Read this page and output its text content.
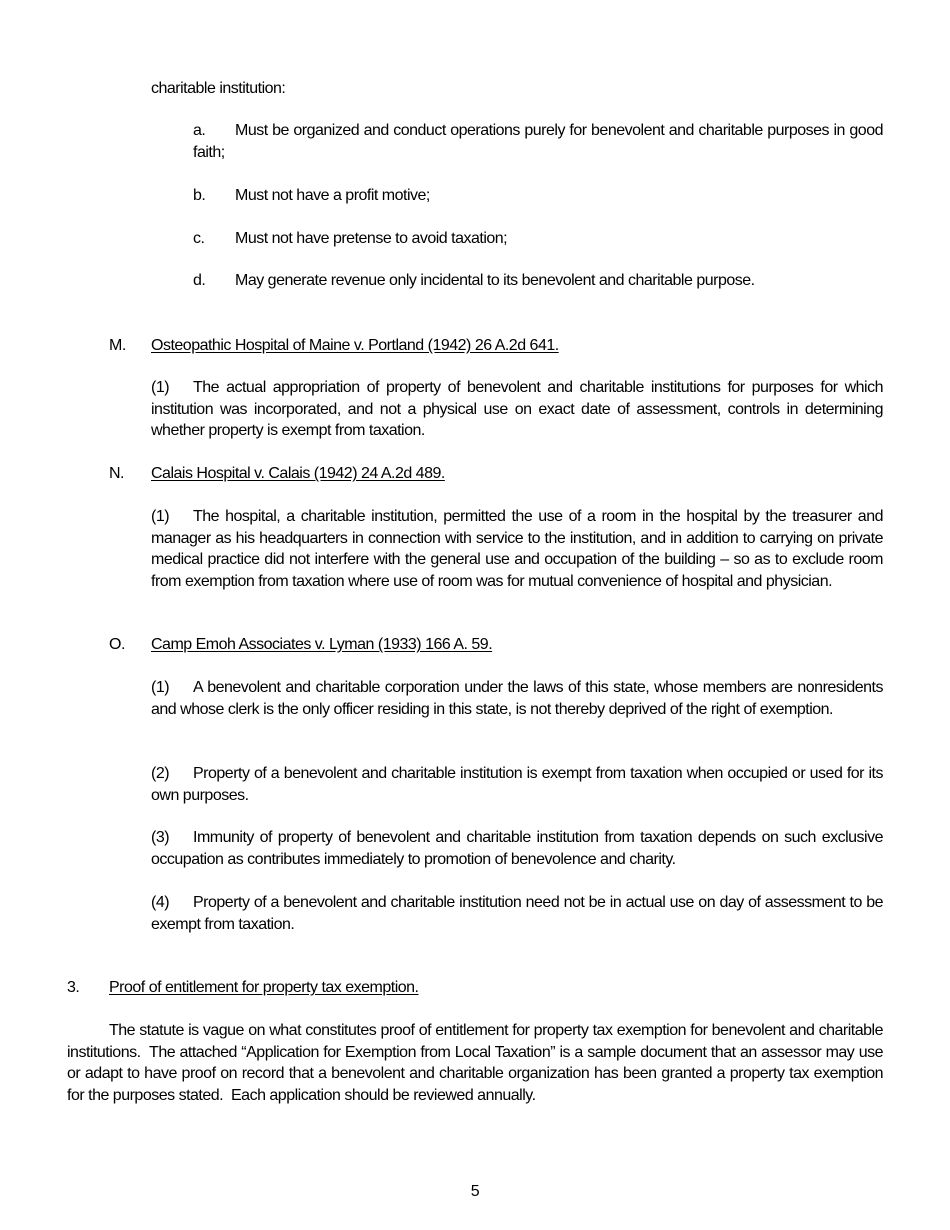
charitable institution:
a.	Must be organized and conduct operations purely for benevolent and charitable purposes in good faith;
b. Must not have a profit motive;
c. Must not have pretense to avoid taxation;
d. May generate revenue only incidental to its benevolent and charitable purpose.
M. Osteopathic Hospital of Maine v. Portland (1942) 26 A.2d 641.
(1)	The actual appropriation of property of benevolent and charitable institutions for purposes for which institution was incorporated, and not a physical use on exact date of assessment, controls in determining whether property is exempt from taxation.
N. Calais Hospital v. Calais (1942) 24 A.2d 489.
(1)	The hospital, a charitable institution, permitted the use of a room in the hospital by the treasurer and manager as his headquarters in connection with service to the institution, and in addition to carrying on private medical practice did not interfere with the general use and occupation of the building – so as to exclude room from exemption from taxation where use of room was for mutual convenience of hospital and physician.
O. Camp Emoh Associates v. Lyman (1933) 166 A. 59.
(1)	A benevolent and charitable corporation under the laws of this state, whose members are nonresidents and whose clerk is the only officer residing in this state, is not thereby deprived of the right of exemption.
(2)	Property of a benevolent and charitable institution is exempt from taxation when occupied or used for its own purposes.
(3)	Immunity of property of benevolent and charitable institution from taxation depends on such exclusive occupation as contributes immediately to promotion of benevolence and charity.
(4)	Property of a benevolent and charitable institution need not be in actual use on day of assessment to be exempt from taxation.
3. Proof of entitlement for property tax exemption.
The statute is vague on what constitutes proof of entitlement for property tax exemption for benevolent and charitable institutions.  The attached “Application for Exemption from Local Taxation” is a sample document that an assessor may use or adapt to have proof on record that a benevolent and charitable organization has been granted a property tax exemption for the purposes stated.  Each application should be reviewed annually.
5
